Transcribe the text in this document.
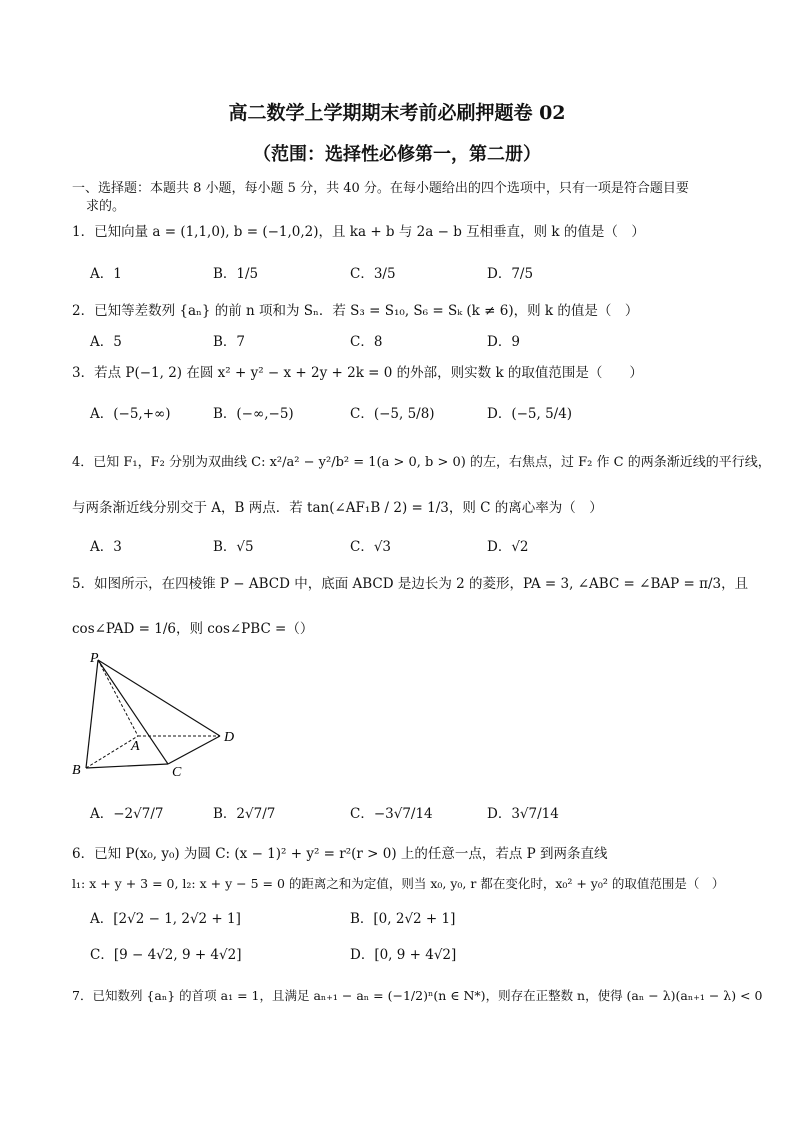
高二数学上学期期末考前必刷押题卷 02
（范围：选择性必修第一，第二册）
一、选择题：本题共 8 小题，每小题 5 分，共 40 分。在每小题给出的四个选项中，只有一项是符合题目要
求的。
1．已知向量 a = (1,1,0), b = (−1,0,2)，且 ka + b 与 2a − b 互相垂直，则 k 的值是（　）
A．1	B．1/5	C．3/5	D．7/5
2．已知等差数列 {aₙ} 的前 n 项和为 Sₙ．若 S₃ = S₁₀, S₆ = Sₖ (k ≠ 6)，则 k 的值是（　）
A．5	B．7	C．8	D．9
3．若点 P(−1, 2) 在圆 x² + y² − x + 2y + 2k = 0 的外部，则实数 k 的取值范围是（　　）
A．(−5,+∞)	B．(−∞,−5)	C．(−5, 5/8)	D．(−5, 5/4)
4．已知 F₁，F₂ 分别为双曲线 C: x²/a² − y²/b² = 1(a > 0, b > 0) 的左，右焦点，过 F₂ 作 C 的两条渐近线的平行线，
与两条渐近线分别交于 A，B 两点．若 tan(∠AF₁B / 2) = 1/3，则 C 的离心率为（　）
A．3	B．√5	C．√3	D．√2
5．如图所示，在四棱锥 P − ABCD 中，底面 ABCD 是边长为 2 的菱形，PA = 3, ∠ABC = ∠BAP = π/3，且
cos∠PAD = 1/6，则 cos∠PBC =（）
P
A
B	C
D
A．−2√7/7	B．2√7/7	C．−3√7/14	D．3√7/14
6．已知 P(x₀, y₀) 为圆 C: (x − 1)² + y² = r²(r > 0) 上的任意一点，若点 P 到两条直线
l₁: x + y + 3 = 0, l₂: x + y − 5 = 0 的距离之和为定值，则当 x₀, y₀, r 都在变化时，x₀² + y₀² 的取值范围是（　）
A．[2√2 − 1, 2√2 + 1]	B．[0, 2√2 + 1]
C．[9 − 4√2, 9 + 4√2]	D．[0, 9 + 4√2]
7．已知数列 {aₙ} 的首项 a₁ = 1，且满足 aₙ₊₁ − aₙ = (−1/2)ⁿ(n ∈ N*)，则存在正整数 n，使得 (aₙ − λ)(aₙ₊₁ − λ) < 0
